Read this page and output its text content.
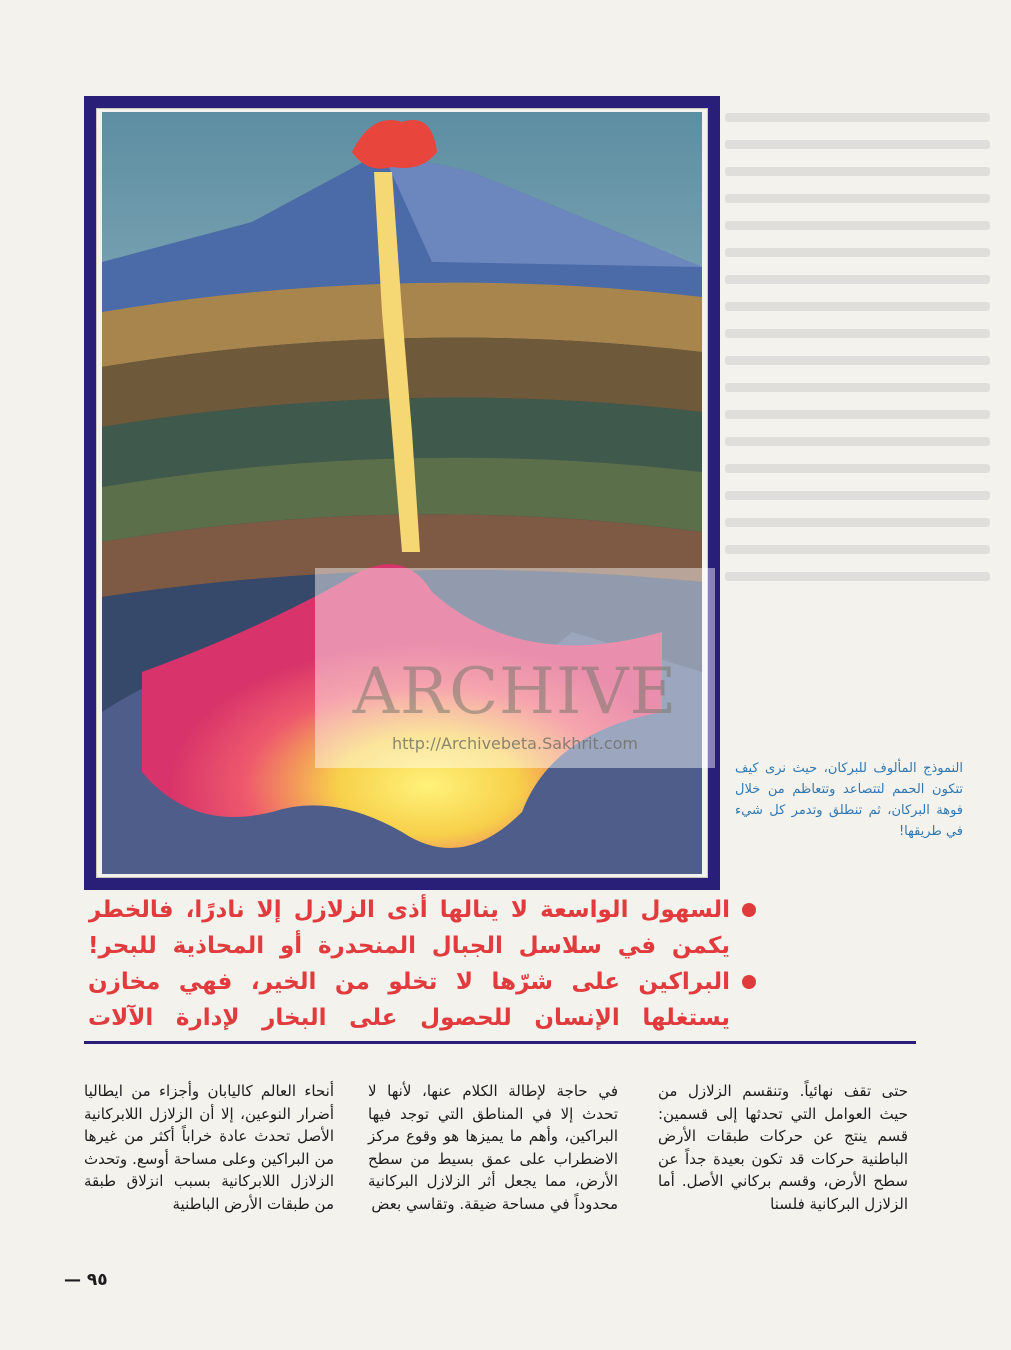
ARCHIVE
http://Archivebeta.Sakhrit.com
النموذج المألوف للبركان، حيث نرى كيف تتكون الحمم لتتصاعد وتتعاظم من خلال فوهة البركان، ثم تنطلق وتدمر كل شيء في طريقها!
السهول الواسعة لا ينالها أذى الزلازل إلا نادرًا، فالخطر
يكمن في سلاسل الجبال المنحدرة أو المحاذية للبحر!
البراكين على شرّها لا تخلو من الخير، فهي مخازن
يستغلها الإنسان للحصول على البخار لإدارة الآلات

حتى تقف نهائياً. وتنقسم الزلازل من حيث العوامل التي تحدثها إلى قسمين: قسم ينتج عن حركات طبقات الأرض الباطنية حركات قد تكون بعيدة جداً عن سطح الأرض، وقسم بركاني الأصل. أما الزلازل البركانية فلسنا

في حاجة لإطالة الكلام عنها، لأنها لا تحدث إلا في المناطق التي توجد فيها البراكين، وأهم ما يميزها هو وقوع مركز الاضطراب على عمق بسيط من سطح الأرض، مما يجعل أثر الزلازل البركانية محدوداً في مساحة ضيقة. وتقاسي بعض

أنحاء العالم كاليابان وأجزاء من ايطاليا أضرار النوعين، إلا أن الزلازل اللابركانية الأصل تحدث عادة خراباً أكثر من غيرها من البراكين وعلى مساحة أوسع. وتحدث الزلازل اللابركانية بسبب انزلاق طبقة من طبقات الأرض الباطنية

— ٩٥
